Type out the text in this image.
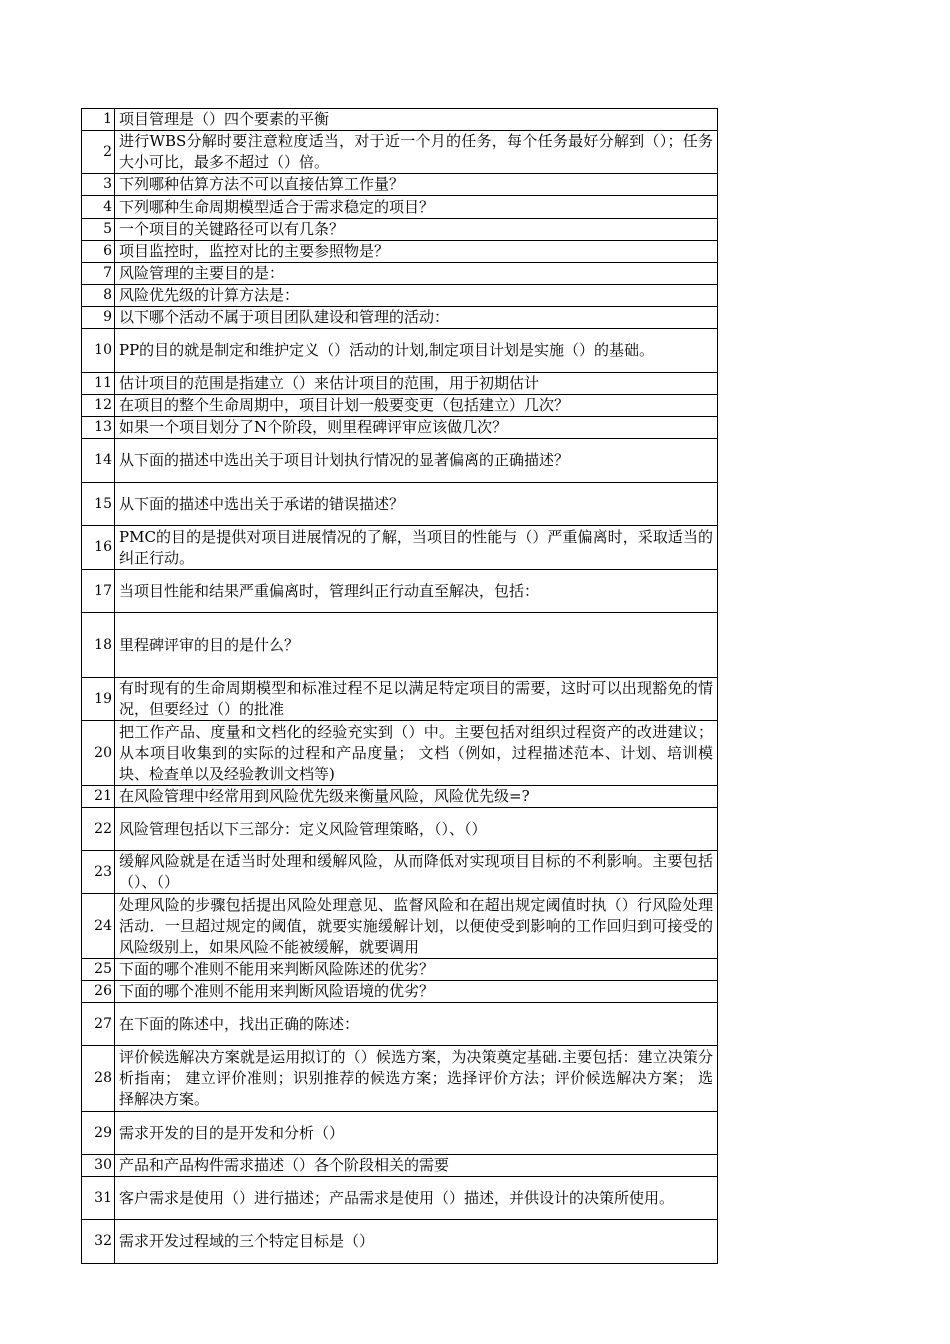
1	项目管理是（）四个要素的平衡
2	进行WBS分解时要注意粒度适当，对于近一个月的任务，每个任务最好分解到（）；任务大小可比，最多不超过（）倍。
3	下列哪种估算方法不可以直接估算工作量？
4	下列哪种生命周期模型适合于需求稳定的项目？
5	一个项目的关键路径可以有几条？
6	项目监控时，监控对比的主要参照物是？
7	风险管理的主要目的是：
8	风险优先级的计算方法是：
9	以下哪个活动不属于项目团队建设和管理的活动：
10	PP的目的就是制定和维护定义（）活动的计划,制定项目计划是实施（）的基础。
11	估计项目的范围是指建立（）来估计项目的范围，用于初期估计
12	在项目的整个生命周期中，项目计划一般要变更（包括建立）几次？
13	如果一个项目划分了N个阶段，则里程碑评审应该做几次？
14	从下面的描述中选出关于项目计划执行情况的显著偏离的正确描述？
15	从下面的描述中选出关于承诺的错误描述？
16	PMC的目的是提供对项目进展情况的了解，当项目的性能与（）严重偏离时，采取适当的纠正行动。
17	当项目性能和结果严重偏离时，管理纠正行动直至解决，包括：
18	里程碑评审的目的是什么？
19	有时现有的生命周期模型和标准过程不足以满足特定项目的需要，这时可以出现豁免的情况，但要经过（）的批准
20	把工作产品、度量和文档化的经验充实到（）中。主要包括对组织过程资产的改进建议；从本项目收集到的实际的过程和产品度量； 文档（例如，过程描述范本、计划、培训模块、检查单以及经验教训文档等)
21	在风险管理中经常用到风险优先级来衡量风险，风险优先级=?
22	风险管理包括以下三部分：定义风险管理策略，（）、（）
23	缓解风险就是在适当时处理和缓解风险，从而降低对实现项目目标的不利影响。主要包括（）、（）
24	处理风险的步骤包括提出风险处理意见、监督风险和在超出规定阈值时执（）行风险处理活动．一旦超过规定的阈值，就要实施缓解计划，以便使受到影响的工作回归到可接受的风险级别上，如果风险不能被缓解，就要调用
25	下面的哪个准则不能用来判断风险陈述的优劣？
26	下面的哪个准则不能用来判断风险语境的优劣？
27	在下面的陈述中，找出正确的陈述：
28	评价候选解决方案就是运用拟订的（）候选方案，为决策奠定基础.主要包括：建立决策分析指南； 建立评价准则；识别推荐的候选方案；选择评价方法；评价候选解决方案； 选择解决方案。
29	需求开发的目的是开发和分析（）
30	产品和产品构件需求描述（）各个阶段相关的需要
31	客户需求是使用（）进行描述；产品需求是使用（）描述，并供设计的决策所使用。
32	需求开发过程域的三个特定目标是（）
